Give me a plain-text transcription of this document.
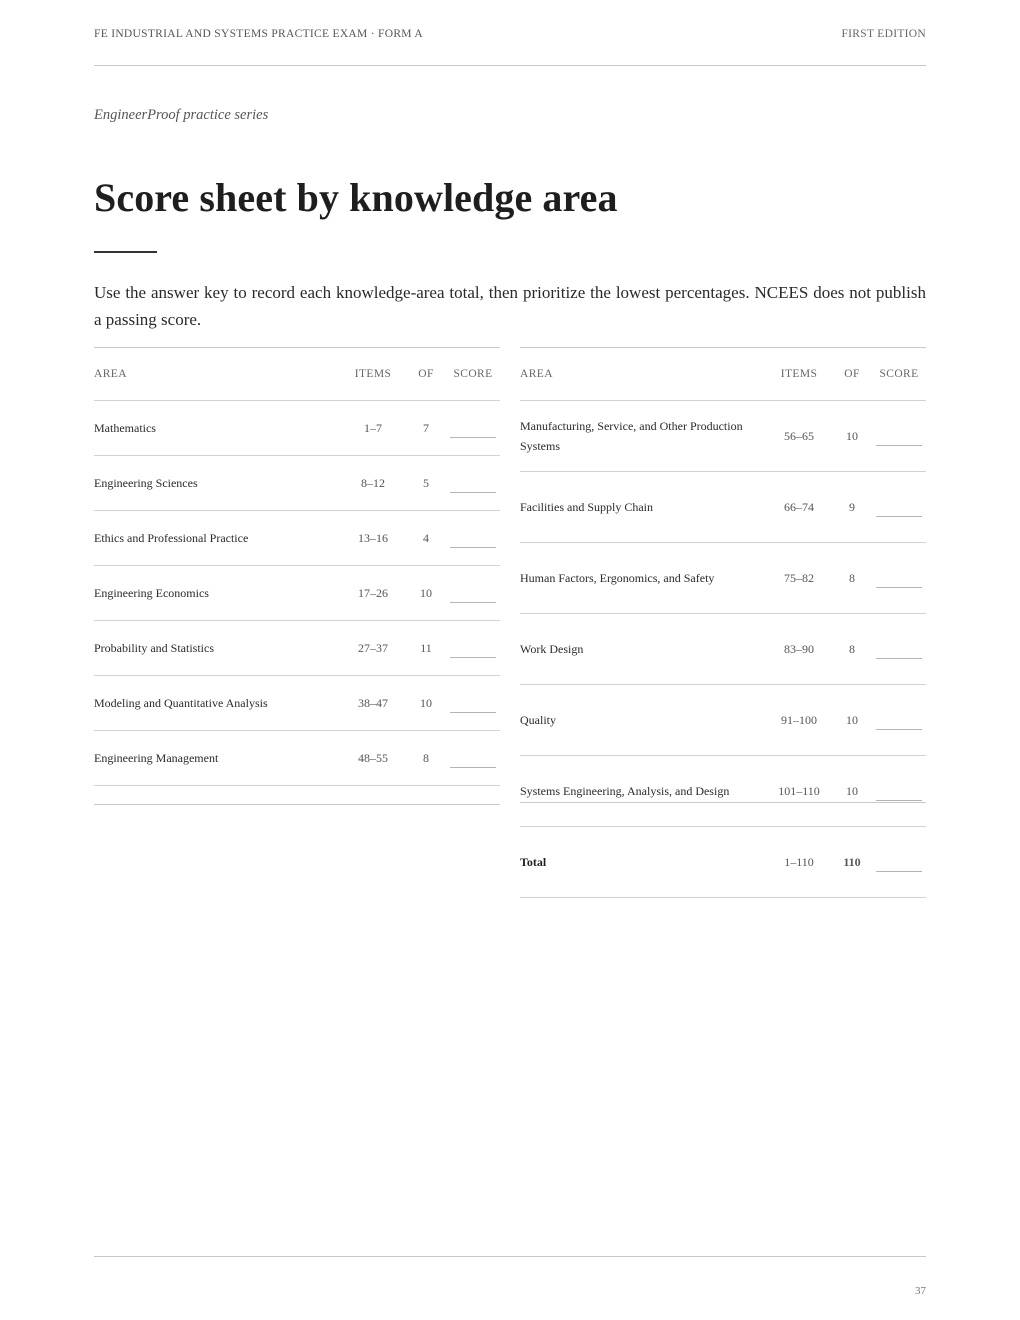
FE INDUSTRIAL AND SYSTEMS PRACTICE EXAM · FORM A	FIRST EDITION
EngineerProof practice series
Score sheet by knowledge area

Use the answer key to record each knowledge-area total, then prioritize the lowest percentages. NCEES does not publish a passing score.

AREA	ITEMS	OF	SCORE
Mathematics	1–7	7	
Engineering Sciences	8–12	5	
Ethics and Professional Practice	13–16	4	
Engineering Economics	17–26	10	
Probability and Statistics	27–37	11	
Modeling and Quantitative Analysis	38–47	10	
Engineering Management	48–55	8	
AREA	ITEMS	OF	SCORE
Manufacturing, Service, and Other Production Systems	56–65	10	
Facilities and Supply Chain	66–74	9	
Human Factors, Ergonomics, and Safety	75–82	8	
Work Design	83–90	8	
Quality	91–100	10	
Systems Engineering, Analysis, and Design	101–110	10	
Total	1–110	110	
37
